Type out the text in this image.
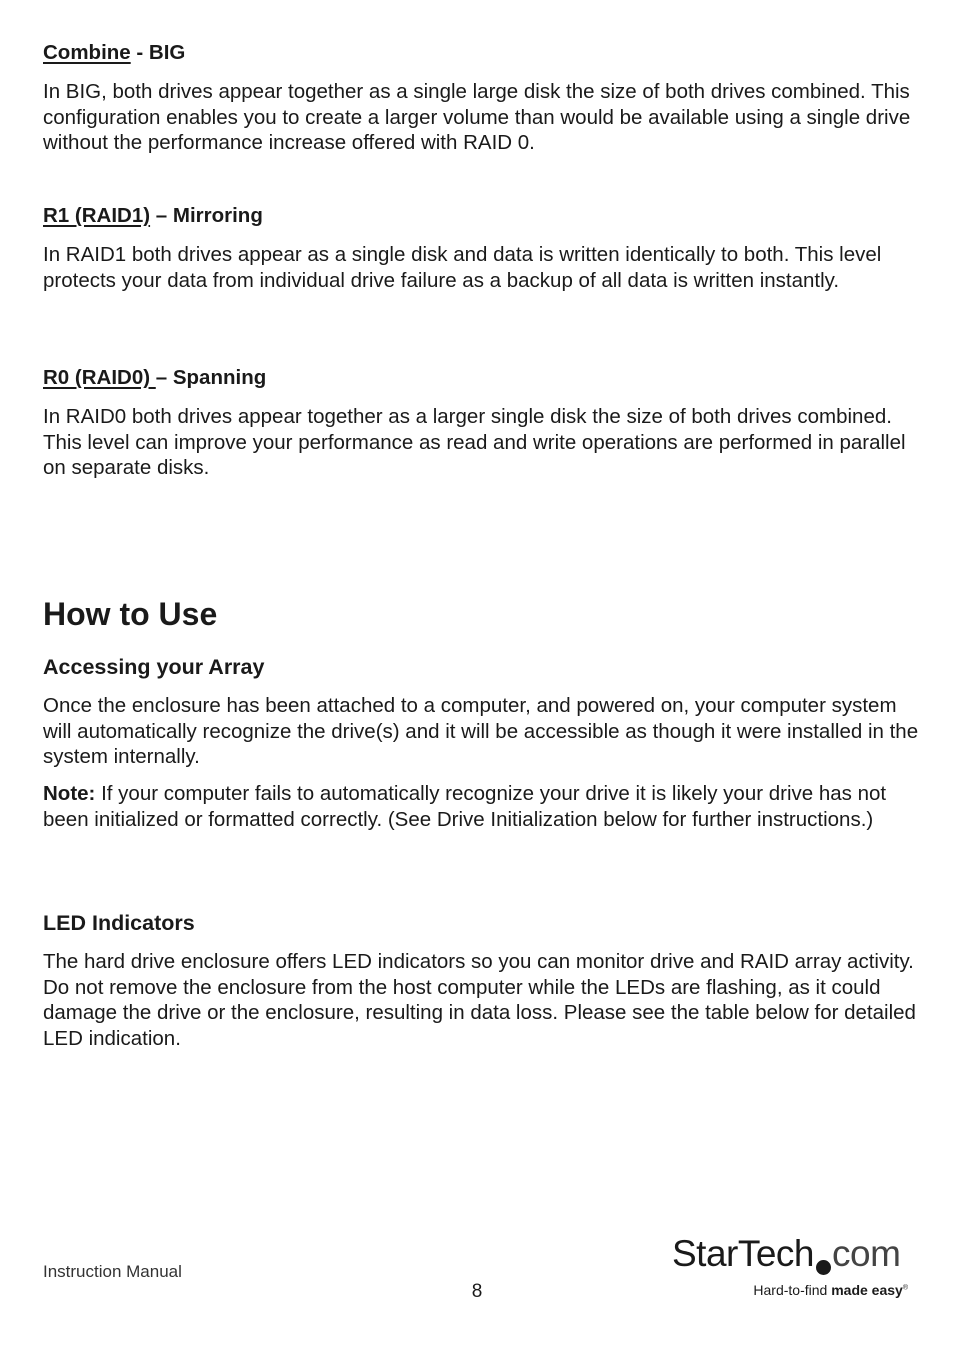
Combine - BIG

In BIG, both drives appear together as a single large disk the size of both drives combined. This configuration enables you to create a larger volume than would be available using a single drive without the performance increase offered with RAID 0.

R1 (RAID1) – Mirroring

In RAID1 both drives appear as a single disk and data is written identically to both. This level protects your data from individual drive failure as a backup of all data is written instantly.

R0 (RAID0) – Spanning

In RAID0 both drives appear together as a larger single disk the size of both drives combined. This level can improve your performance as read and write operations are performed in parallel on separate disks.

How to Use
Accessing your Array

Once the enclosure has been attached to a computer, and powered on, your computer system will automatically recognize the drive(s) and it will be accessible as though it were installed in the system internally.

Note: If your computer fails to automatically recognize your drive it is likely your drive has not been initialized or formatted correctly. (See Drive Initialization below for further instructions.)

LED Indicators

The hard drive enclosure offers LED indicators so you can monitor drive and RAID array activity. Do not remove the enclosure from the host computer while the LEDs are flashing, as it could damage the drive or the enclosure, resulting in data loss. Please see the table below for detailed LED indication.

Instruction Manual
8
StarTech com
Hard-to-find made easy®
